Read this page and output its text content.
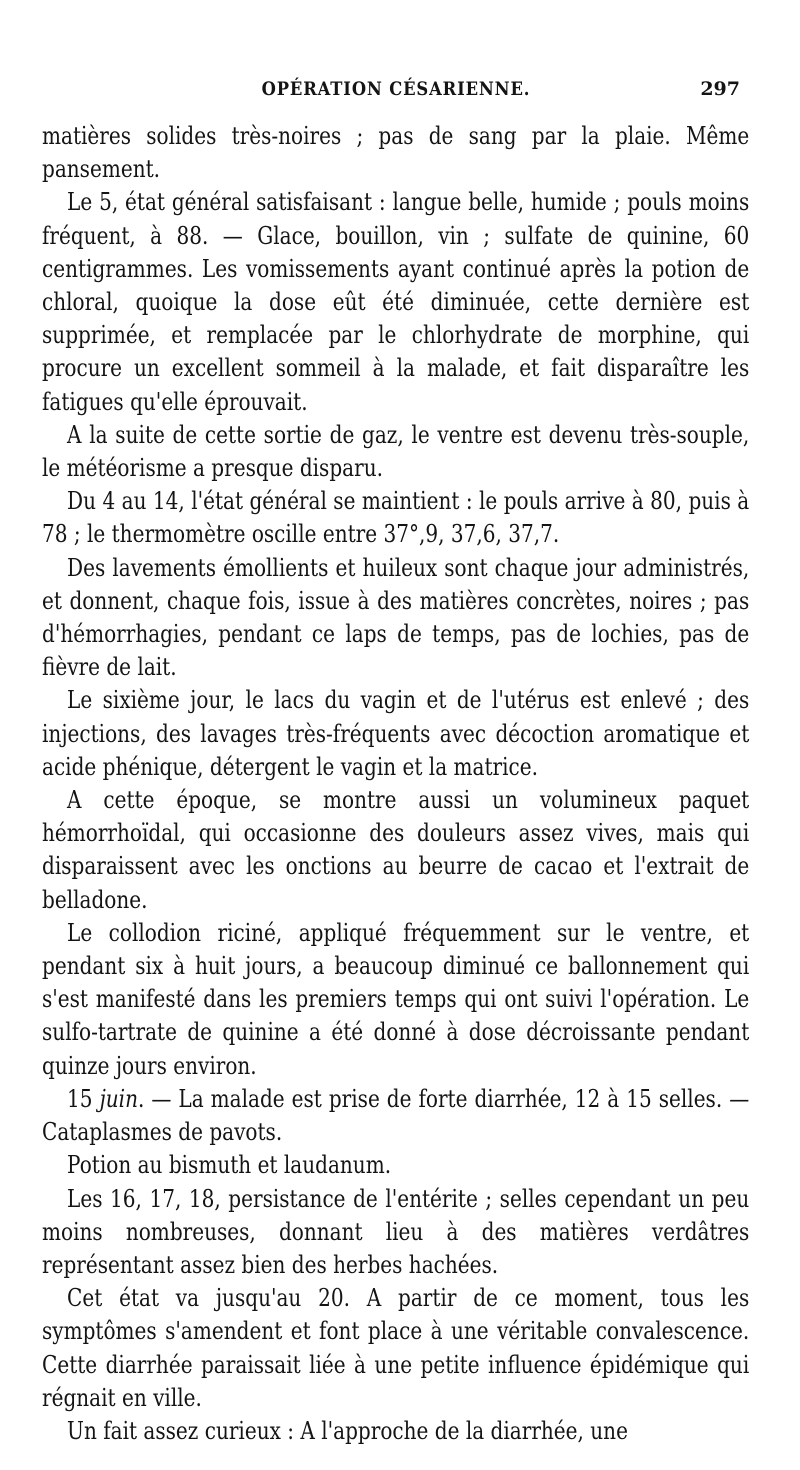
OPÉRATION CÉSARIENNE.	297

matières solides très-noires ; pas de sang par la plaie. Même pansement.

Le 5, état général satisfaisant : langue belle, humide ; pouls moins fréquent, à 88. — Glace, bouillon, vin ; sulfate de quinine, 60 centigrammes. Les vomissements ayant continué après la potion de chloral, quoique la dose eût été diminuée, cette dernière est supprimée, et remplacée par le chlorhydrate de morphine, qui procure un excellent sommeil à la malade, et fait disparaître les fatigues qu'elle éprouvait.

A la suite de cette sortie de gaz, le ventre est devenu très-souple, le météorisme a presque disparu.

Du 4 au 14, l'état général se maintient : le pouls arrive à 80, puis à 78 ; le thermomètre oscille entre 37°,9, 37,6, 37,7.

Des lavements émollients et huileux sont chaque jour administrés, et donnent, chaque fois, issue à des matières concrètes, noires ; pas d'hémorrhagies, pendant ce laps de temps, pas de lochies, pas de fièvre de lait.

Le sixième jour, le lacs du vagin et de l'utérus est enlevé ; des injections, des lavages très-fréquents avec décoction aromatique et acide phénique, détergent le vagin et la matrice.

A cette époque, se montre aussi un volumineux paquet hémorrhoïdal, qui occasionne des douleurs assez vives, mais qui disparaissent avec les onctions au beurre de cacao et l'extrait de belladone.

Le collodion riciné, appliqué fréquemment sur le ventre, et pendant six à huit jours, a beaucoup diminué ce ballonnement qui s'est manifesté dans les premiers temps qui ont suivi l'opération. Le sulfo-tartrate de quinine a été donné à dose décroissante pendant quinze jours environ.

15 juin. — La malade est prise de forte diarrhée, 12 à 15 selles. — Cataplasmes de pavots.

Potion au bismuth et laudanum.

Les 16, 17, 18, persistance de l'entérite ; selles cependant un peu moins nombreuses, donnant lieu à des matières verdâtres représentant assez bien des herbes hachées.

Cet état va jusqu'au 20. A partir de ce moment, tous les symptômes s'amendent et font place à une véritable convalescence. Cette diarrhée paraissait liée à une petite influence épidémique qui régnait en ville.

Un fait assez curieux : A l'approche de la diarrhée, une
